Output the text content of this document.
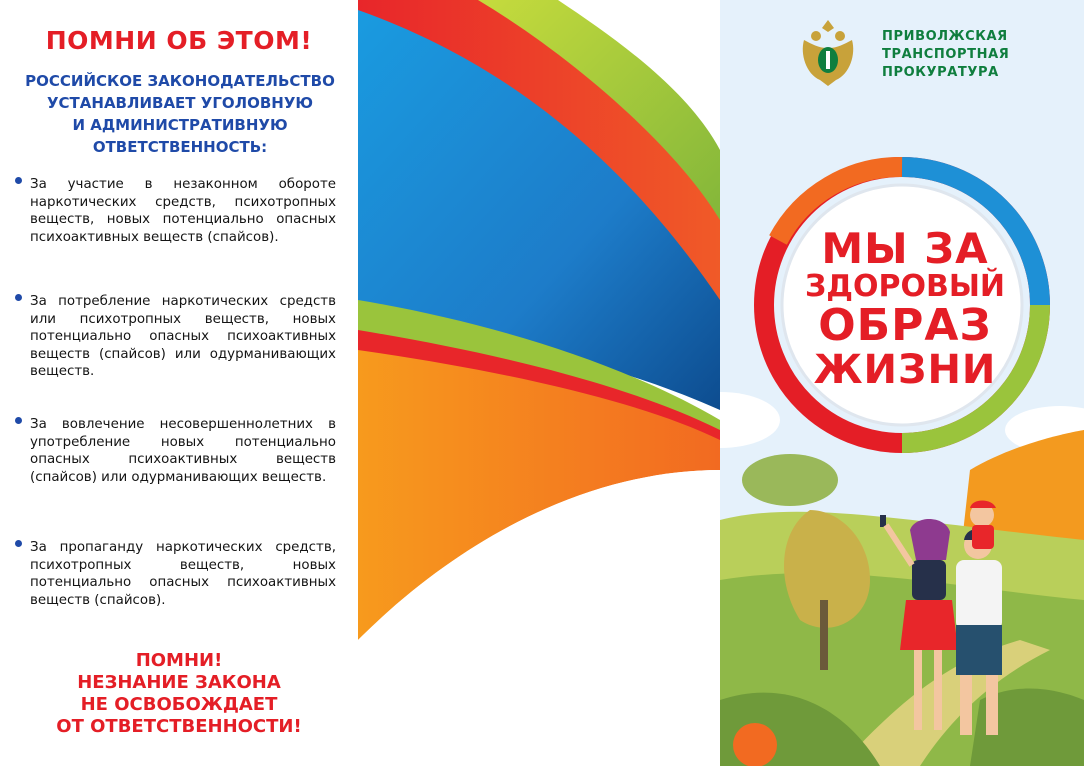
ПОМНИ ОБ ЭТОМ!
РОССИЙСКОЕ ЗАКОНОДАТЕЛЬСТВО
УСТАНАВЛИВАЕТ УГОЛОВНУЮ
И АДМИНИСТРАТИВНУЮ
ОТВЕТСТВЕННОСТЬ:
За участие в незаконном обороте наркотических средств, психотропных веществ, новых потенциально опасных психоактивных веществ (спайсов).
За потребление наркотических средств или психотропных веществ, новых потенциально опасных психоактивных веществ (спайсов) или одурманивающих веществ.
За вовлечение несовершеннолетних в употребление новых потенциально опасных психоактивных веществ (спайсов) или одурманивающих веществ.
За пропаганду наркотических средств, психотропных веществ, новых потенциально опасных психоактивных веществ (спайсов).
ПОМНИ!
НЕЗНАНИЕ ЗАКОНА
НЕ ОСВОБОЖДАЕТ
ОТ ОТВЕТСТВЕННОСТИ!
ПРИВОЛЖСКАЯ
ТРАНСПОРТНАЯ
ПРОКУРАТУРА
МЫ ЗА
ЗДОРОВЫЙ
ОБРАЗ
ЖИЗНИ
